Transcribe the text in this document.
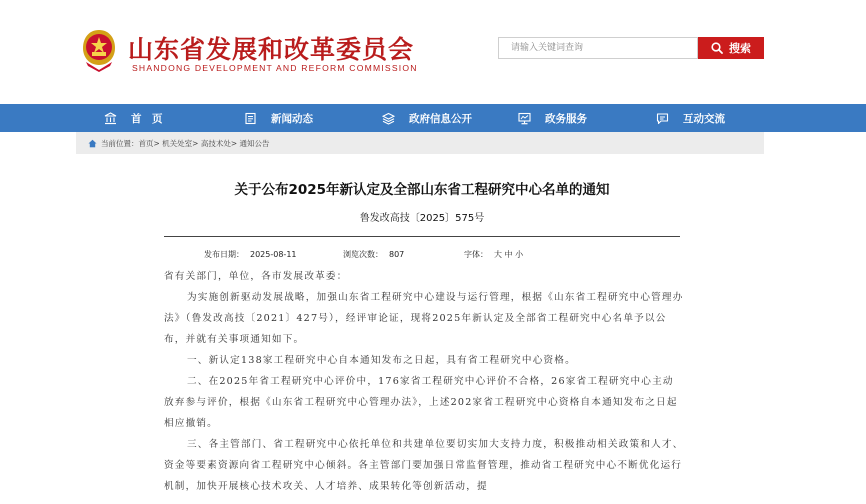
山东省发展和改革委员会
SHANDONG DEVELOPMENT AND REFORM COMMISSION
请输入关键词查询
搜索
首　页	新闻动态	政府信息公开	政务服务	互动交流
当前位置：首页> 机关处室> 高技术处> 通知公告
关于公布2025年新认定及全部山东省工程研究中心名单的通知
鲁发改高技〔2025〕575号
发布日期： 2025-08-11	浏览次数： 807	字体： 大 中 小

省有关部门，单位，各市发展改革委：

为实施创新驱动发展战略，加强山东省工程研究中心建设与运行管理，根据《山东省工程研究中心管理办法》（鲁发改高技〔2021〕427号），经评审论证，现将2025年新认定及全部省工程研究中心名单予以公布，并就有关事项通知如下。

一、新认定138家工程研究中心自本通知发布之日起，具有省工程研究中心资格。

二、在2025年省工程研究中心评价中，176家省工程研究中心评价不合格，26家省工程研究中心主动放弃参与评价，根据《山东省工程研究中心管理办法》，上述202家省工程研究中心资格自本通知发布之日起相应撤销。

三、各主管部门、省工程研究中心依托单位和共建单位要切实加大支持力度，积极推动相关政策和人才、资金等要素资源向省工程研究中心倾斜。各主管部门要加强日常监督管理，推动省工程研究中心不断优化运行机制，加快开展核心技术攻关、人才培养、成果转化等创新活动，提
